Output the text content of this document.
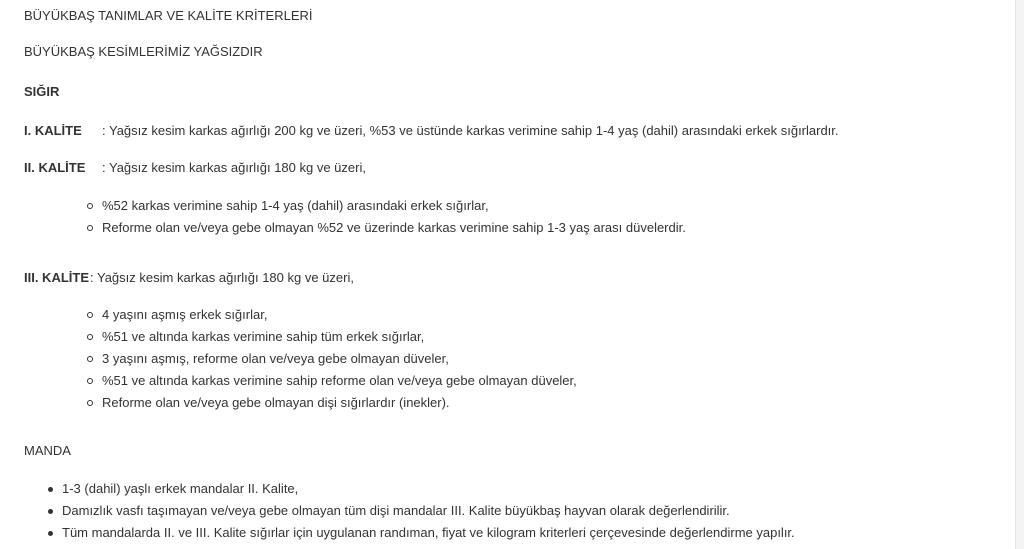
BÜYÜKBAŞ TANIMLAR VE KALİTE KRİTERLERİ
BÜYÜKBAŞ KESİMLERİMİZ YAĞSIZDIR
SIĞIR
I. KALİTE : Yağsız kesim karkas ağırlığı 200 kg ve üzeri, %53 ve üstünde karkas verimine sahip 1-4 yaş (dahil) arasındaki erkek sığırlardır.
II. KALİTE : Yağsız kesim karkas ağırlığı 180 kg ve üzeri,
%52 karkas verimine sahip 1-4 yaş (dahil) arasındaki erkek sığırlar,
Reforme olan ve/veya gebe olmayan %52 ve üzerinde karkas verimine sahip 1-3 yaş arası düvelerdir.
III. KALİTE: Yağsız kesim karkas ağırlığı 180 kg ve üzeri,
4 yaşını aşmış erkek sığırlar,
%51 ve altında karkas verimine sahip tüm erkek sığırlar,
3 yaşını aşmış, reforme olan ve/veya gebe olmayan düveler,
%51 ve altında karkas verimine sahip reforme olan ve/veya gebe olmayan düveler,
Reforme olan ve/veya gebe olmayan dişi sığırlardır (inekler).
MANDA
1-3 (dahil) yaşlı erkek mandalar II. Kalite,
Damızlık vasfı taşımayan ve/veya gebe olmayan tüm dişi mandalar III. Kalite büyükbaş hayvan olarak değerlendirilir.
Tüm mandalarda II. ve III. Kalite sığırlar için uygulanan randıman, fiyat ve kilogram kriterleri çerçevesinde değerlendirme yapılır.
